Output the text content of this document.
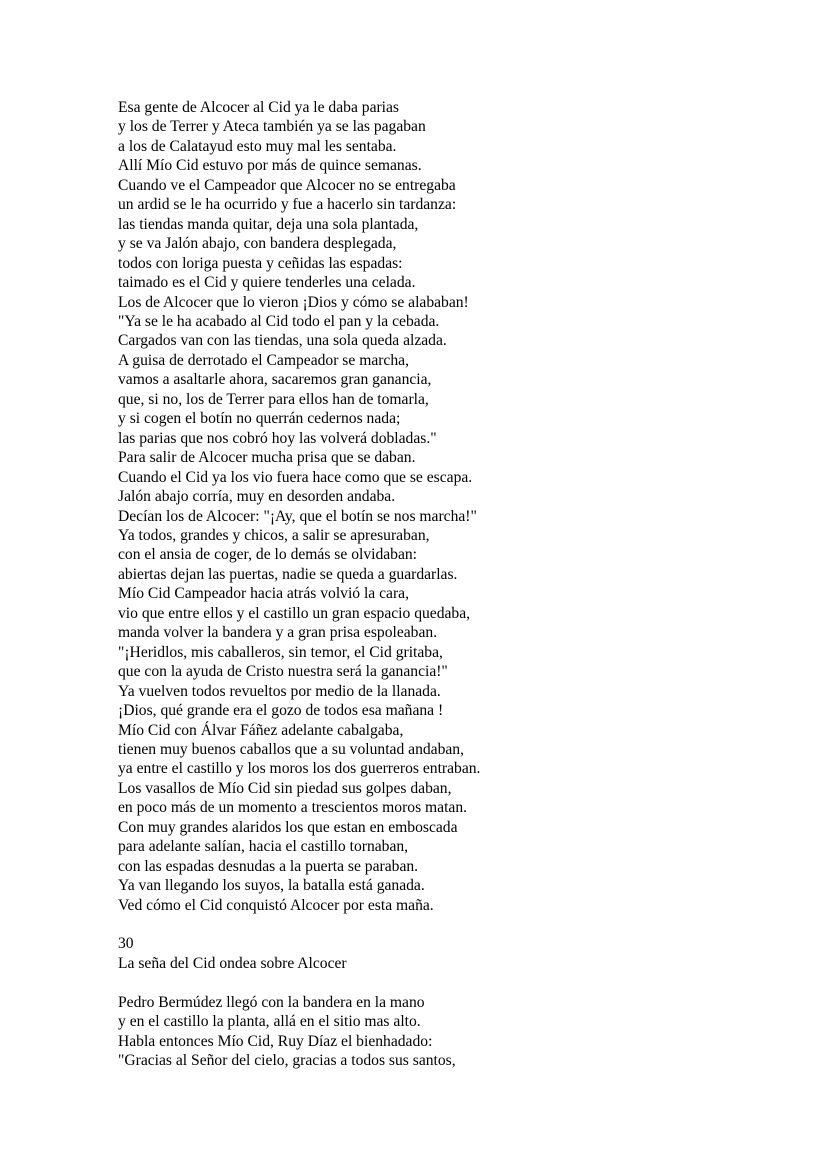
Esa gente de Alcocer al Cid ya le daba parias
y los de Terrer y Ateca también ya se las pagaban
a los de Calatayud esto muy mal les sentaba.
Allí Mío Cid estuvo por más de quince semanas.
Cuando ve el Campeador que Alcocer no se entregaba
un ardid se le ha ocurrido y fue a hacerlo sin tardanza:
las tiendas manda quitar, deja una sola plantada,
y se va Jalón abajo, con bandera desplegada,
todos con loriga puesta y ceñidas las espadas:
taimado es el Cid y quiere tenderles una celada.
Los de Alcocer que lo vieron ¡Dios y cómo se alababan!
"Ya se le ha acabado al Cid todo el pan y la cebada.
Cargados van con las tiendas, una sola queda alzada.
A guisa de derrotado el Campeador se marcha,
vamos a asaltarle ahora, sacaremos gran ganancia,
que, si no, los de Terrer para ellos han de tomarla,
y si cogen el botín no querrán cedernos nada;
las parias que nos cobró hoy las volverá dobladas."
Para salir de Alcocer mucha prisa que se daban.
Cuando el Cid ya los vio fuera hace como que se escapa.
Jalón abajo corría, muy en desorden andaba.
Decían los de Alcocer: "¡Ay, que el botín se nos marcha!"
Ya todos, grandes y chicos, a salir se apresuraban,
con el ansia de coger, de lo demás se olvidaban:
abiertas dejan las puertas, nadie se queda a guardarlas.
Mío Cid Campeador hacia atrás volvió la cara,
vio que entre ellos y el castillo un gran espacio quedaba,
manda volver la bandera y a gran prisa espoleaban.
"¡Heridlos, mis caballeros, sin temor, el Cid gritaba,
que con la ayuda de Cristo nuestra será la ganancia!"
Ya vuelven todos revueltos por medio de la llanada.
¡Dios, qué grande era el gozo de todos esa mañana !
Mío Cid con Álvar Fáñez adelante cabalgaba,
tienen muy buenos caballos que a su voluntad andaban,
ya entre el castillo y los moros los dos guerreros entraban.
Los vasallos de Mío Cid sin piedad sus golpes daban,
en poco más de un momento a trescientos moros matan.
Con muy grandes alaridos los que estan en emboscada
para adelante salían, hacia el castillo tornaban,
con las espadas desnudas a la puerta se paraban.
Ya van llegando los suyos, la batalla está ganada.
Ved cómo el Cid conquistó Alcocer por esta maña.
30
La seña del Cid ondea sobre Alcocer
Pedro Bermúdez llegó con la bandera en la mano
y en el castillo la planta, allá en el sitio mas alto.
Habla entonces Mío Cid, Ruy Díaz el bienhadado:
"Gracias al Señor del cielo, gracias a todos sus santos,
